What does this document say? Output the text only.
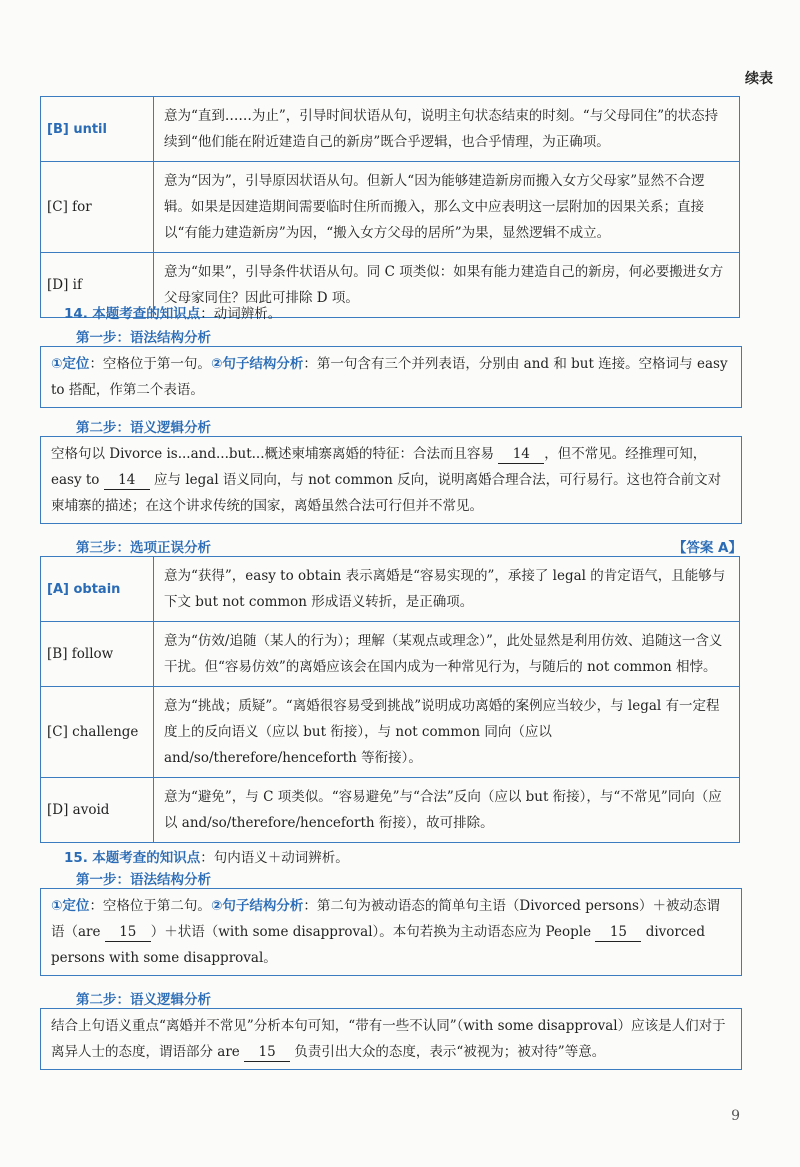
续表
[B] until	意为“直到……为止”，引导时间状语从句，说明主句状态结束的时刻。“与父母同住”的状态持续到“他们能在附近建造自己的新房”既合乎逻辑，也合乎情理，为正确项。
[C] for	意为“因为”，引导原因状语从句。但新人“因为能够建造新房而搬入女方父母家”显然不合逻辑。如果是因建造期间需要临时住所而搬入，那么文中应表明这一层附加的因果关系；直接以“有能力建造新房”为因，“搬入女方父母的居所”为果，显然逻辑不成立。
[D] if	意为“如果”，引导条件状语从句。同 C 项类似：如果有能力建造自己的新房，何必要搬进女方父母家同住？因此可排除 D 项。
14. 本题考查的知识点：动词辨析。
第一步：语法结构分析
①定位：空格位于第一句。②句子结构分析：第一句含有三个并列表语，分别由 and 和 but 连接。空格词与 easy to 搭配，作第二个表语。
第二步：语义逻辑分析
空格句以 Divorce is...and...but...概述柬埔寨离婚的特征：合法而且容易 14 ，但不常见。经推理可知，easy to 14 应与 legal 语义同向，与 not common 反向，说明离婚合理合法，可行易行。这也符合前文对柬埔寨的描述；在这个讲求传统的国家，离婚虽然合法可行但并不常见。
第三步：选项正误分析	【答案 A】
[A] obtain	意为“获得”，easy to obtain 表示离婚是“容易实现的”，承接了 legal 的肯定语气，且能够与下文 but not common 形成语义转折，是正确项。
[B] follow	意为“仿效/追随（某人的行为）；理解（某观点或理念）”，此处显然是利用仿效、追随这一含义干扰。但“容易仿效”的离婚应该会在国内成为一种常见行为，与随后的 not common 相悖。
[C] challenge	意为“挑战；质疑”。“离婚很容易受到挑战”说明成功离婚的案例应当较少，与 legal 有一定程度上的反向语义（应以 but 衔接），与 not common 同向（应以 and/so/therefore/henceforth 等衔接）。
[D] avoid	意为“避免”，与 C 项类似。“容易避免”与“合法”反向（应以 but 衔接），与“不常见”同向（应以 and/so/therefore/henceforth 衔接），故可排除。
15. 本题考查的知识点：句内语义＋动词辨析。
第一步：语法结构分析
①定位：空格位于第二句。②句子结构分析：第二句为被动语态的简单句主语（Divorced persons）＋被动态谓语（are 15 ）＋状语（with some disapproval）。本句若换为主动语态应为 People 15 divorced persons with some disapproval。
第二步：语义逻辑分析
结合上句语义重点“离婚并不常见”分析本句可知，“带有一些不认同”（with some disapproval）应该是人们对于离异人士的态度，谓语部分 are 15 负责引出大众的态度，表示“被视为；被对待”等意。
9
